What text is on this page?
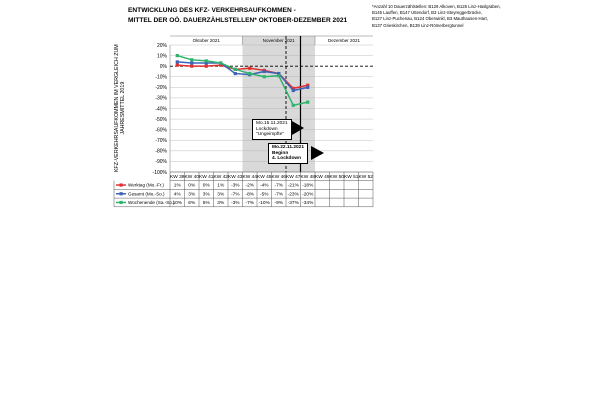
ENTWICKLUNG DES KFZ- VERKEHRSAUFKOMMEN -
MITTEL DER OÖ. DAUERZÄHLSTELLEN* OKTOBER-DEZEMBER 2021
*Anzahl 10 Dauerzählstellen: B129 Alkoven, B126 Linz-Haslgraben,
B145 Lauffen, B147 Uttendorf, B3 Linz-Steyreggerbrücke,
B127 Linz-Puchenau, B124 Oberwinkl, B3 Mauthausen-Hart,
B137 Grieskirchen, B139 Linz-Römerbergtunnel
KFZ-VERKEHRSAUFKOMMEN IM VERGLEICH ZUM JAHRESMITTEL 2019
Oktober 2021	November 2021	Dezember 2021
20%
10%
0%
-10%
-20%
-30%
-40%
-50%
-60%
-70%
-80%
-90%
-100%
KW 39 KW 40 KW 41 KW 42 KW 43 KW 44 KW 45 KW 46 KW 47 KW 48 KW 49 KW 50 KW 51 KW 52
Werktag (Mo.-Fr.) 1% 0% 0% 1% -3% -2% -4% -7% -21% -18%
Gesamt (Mo.-So.) 4% 3% 3% 3% -7% -8% -5% -7% -23% -20%
Wochenende (Sa.-So.)
10% 6% 5% 3% -3% -7% -10% -9% -37% -34%
Mo.15.11.2021
Lockdown
"Ungeimpfte"
Mo.22.11.2021
Beginn
4. Lockdown
